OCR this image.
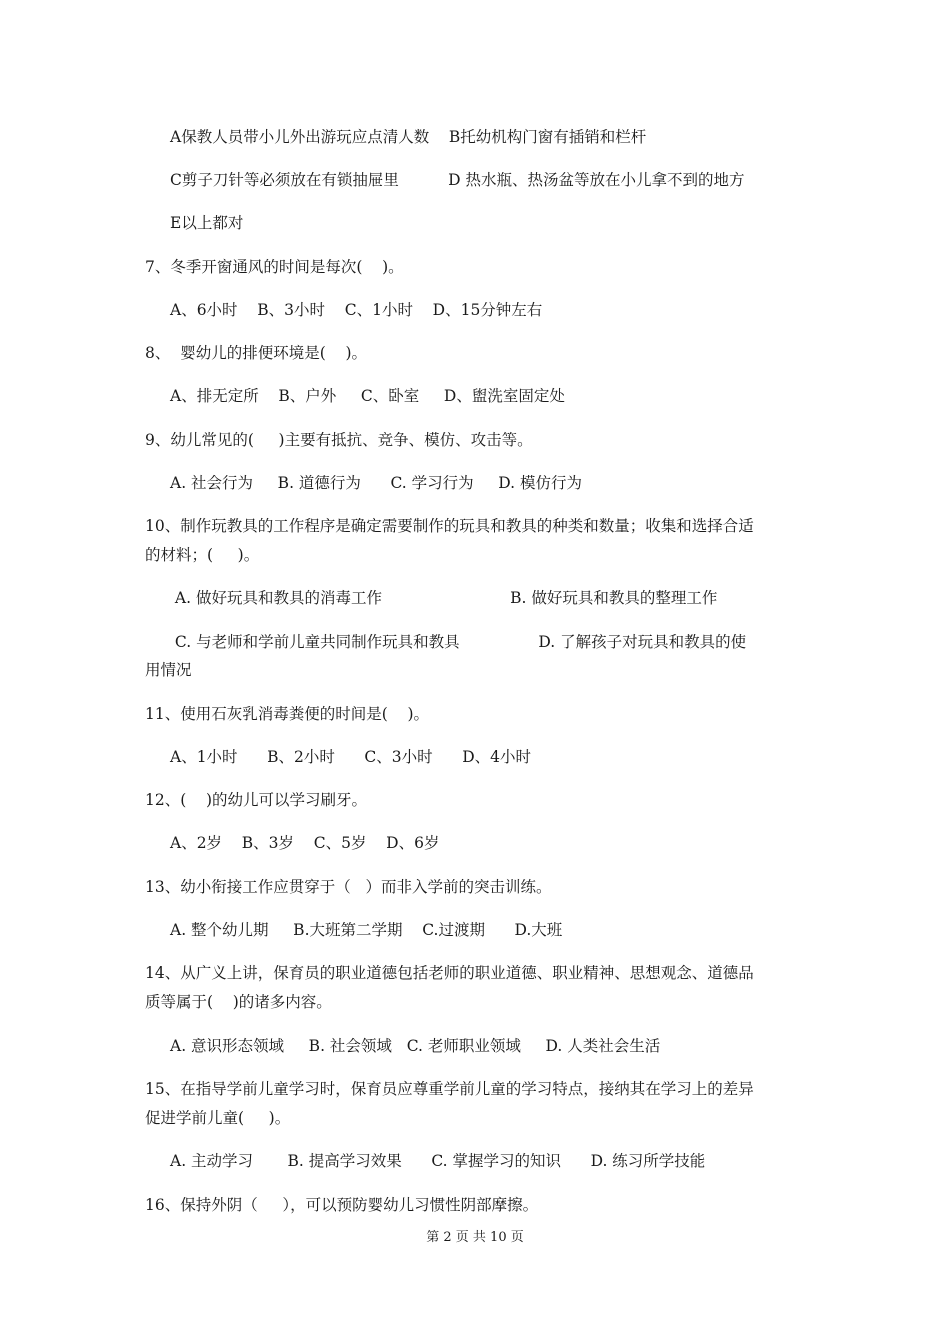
A保教人员带小儿外出游玩应点清人数    B托幼机构门窗有插销和栏杆
C剪子刀针等必须放在有锁抽屉里          D 热水瓶、热汤盆等放在小儿拿不到的地方
E以上都对
7、冬季开窗通风的时间是每次(    )。
A、6小时    B、3小时    C、1小时    D、15分钟左右
8、  婴幼儿的排便环境是(    )。
A、排无定所    B、户外     C、卧室     D、盥洗室固定处
9、幼儿常见的(     )主要有抵抗、竞争、模仿、攻击等。
A. 社会行为     B. 道德行为      C. 学习行为     D. 模仿行为
10、制作玩教具的工作程序是确定需要制作的玩具和教具的种类和数量；收集和选择合适
的材料；(     )。
A. 做好玩具和教具的消毒工作                          B. 做好玩具和教具的整理工作
C. 与老师和学前儿童共同制作玩具和教具                D. 了解孩子对玩具和教具的使
用情况
11、使用石灰乳消毒粪便的时间是(    )。
A、1小时      B、2小时      C、3小时      D、4小时
12、(    )的幼儿可以学习刷牙。
A、2岁    B、3岁    C、5岁    D、6岁
13、幼小衔接工作应贯穿于（   ）而非入学前的突击训练。
A. 整个幼儿期     B.大班第二学期    C.过渡期      D.大班
14、从广义上讲，保育员的职业道德包括老师的职业道德、职业精神、思想观念、道德品
质等属于(    )的诸多内容。
A. 意识形态领域     B. 社会领域   C. 老师职业领域     D. 人类社会生活
15、在指导学前儿童学习时，保育员应尊重学前儿童的学习特点，接纳其在学习上的差异
促进学前儿童(     )。
A. 主动学习       B. 提高学习效果      C. 掌握学习的知识      D. 练习所学技能
16、保持外阴（     ），可以预防婴幼儿习惯性阴部摩擦。
第 2 页 共 10 页
